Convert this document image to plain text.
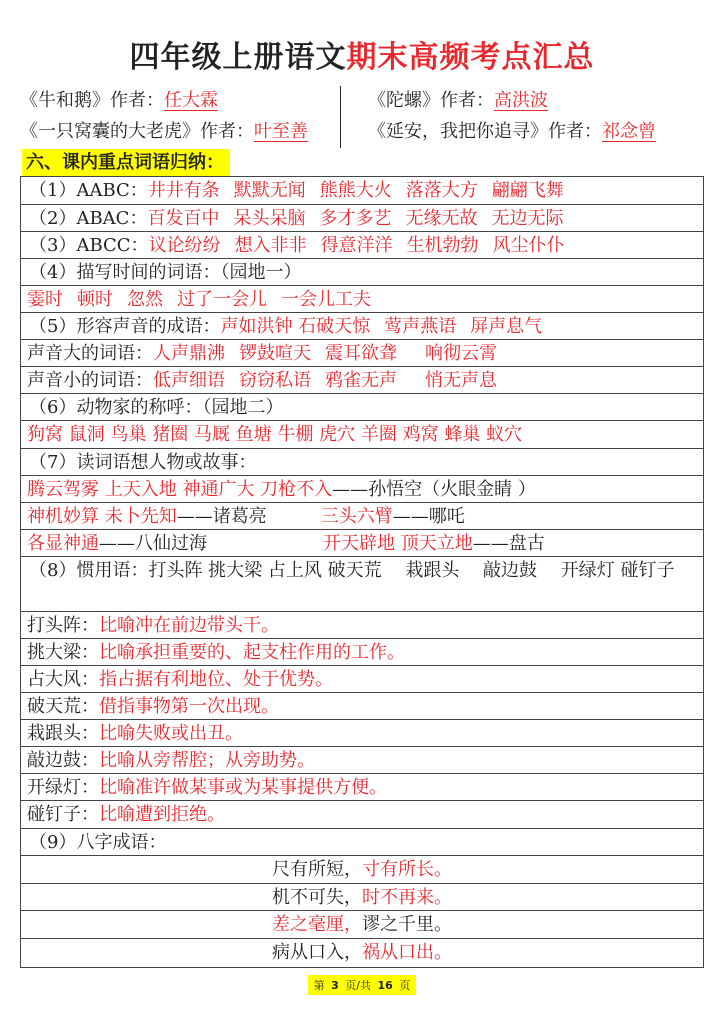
四年级上册语文期末高频考点汇总
《牛和鹅》作者：任大霖	《陀螺》作者：高洪波
《一只窝囊的大老虎》作者：叶至善	《延安，我把你追寻》作者：祁念曾
六、课内重点词语归纳：
（1）AABC：井井有条 默默无闻 熊熊大火 落落大方 翩翩飞舞
（2）ABAC：百发百中 呆头呆脑 多才多艺 无缘无故 无边无际
（3）ABCC：议论纷纷 想入非非 得意洋洋 生机勃勃 风尘仆仆
（4）描写时间的词语：（园地一）
霎时 顿时 忽然 过了一会儿 一会儿工夫
（5）形容声音的成语：声如洪钟 石破天惊 莺声燕语 屏声息气
声音大的词语：人声鼎沸 锣鼓喧天 震耳欲聋 响彻云霄
声音小的词语：低声细语 窃窃私语 鸦雀无声 悄无声息
（6）动物家的称呼：（园地二）
狗窝 鼠洞 鸟巢 猪圈 马厩 鱼塘 牛棚 虎穴 羊圈 鸡窝 蜂巢 蚁穴
（7）读词语想人物或故事：
腾云驾雾 上天入地 神通广大 刀枪不入——孙悟空（火眼金睛 ）
神机妙算 未卜先知——诸葛亮	三头六臂——哪吒
各显神通——八仙过海	开天辟地 顶天立地——盘古
（8）惯用语：打头阵 挑大梁 占上风 破天荒　 栽跟头　 敲边鼓　 开绿灯 碰钉子
打头阵：比喻冲在前边带头干。
挑大梁：比喻承担重要的、起支柱作用的工作。
占大风：指占据有利地位、处于优势。
破天荒：借指事物第一次出现。
栽跟头：比喻失败或出丑。
敲边鼓：比喻从旁帮腔；从旁助势。
开绿灯：比喻准许做某事或为某事提供方便。
碰钉子：比喻遭到拒绝。
（9）八字成语：
尺有所短，寸有所长。
机不可失，时不再来。
差之毫厘，谬之千里。
病从口入，祸从口出。
第 3 页/共 16 页
